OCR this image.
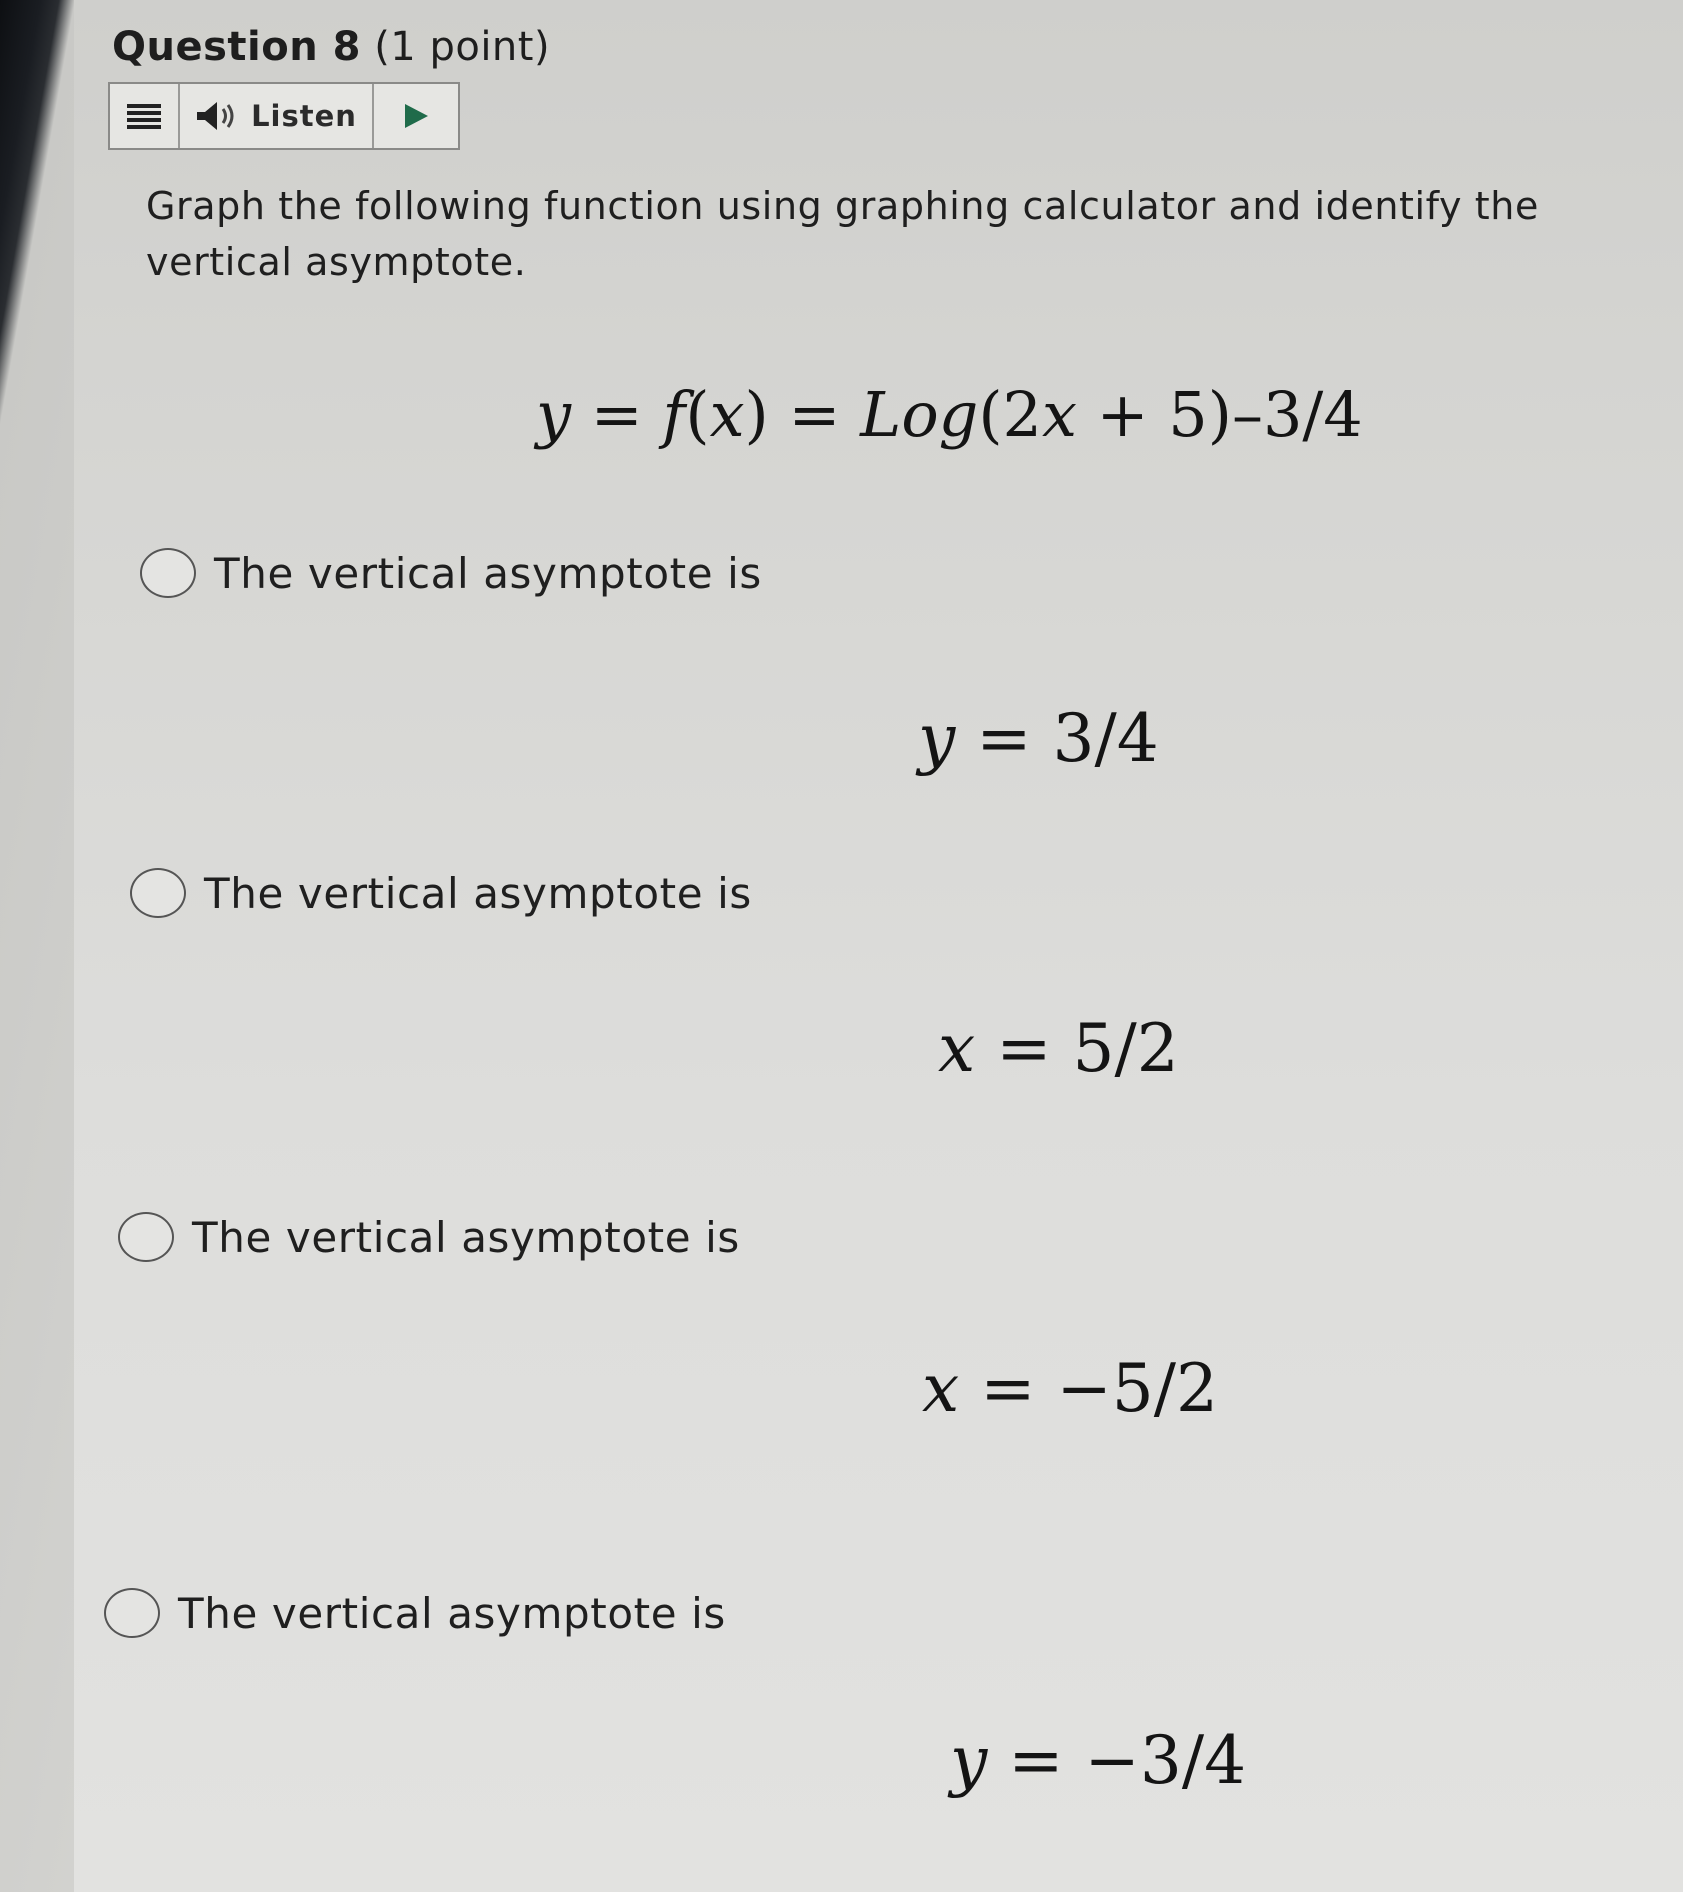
Question 8 (1 point)
Listen
Graph the following function using graphing calculator and identify the vertical asymptote.
y = f(x) = Log(2x + 5)–3/4
The vertical asymptote is
y = 3/4
The vertical asymptote is
x = 5/2
The vertical asymptote is
x = −5/2
The vertical asymptote is
y = −3/4
